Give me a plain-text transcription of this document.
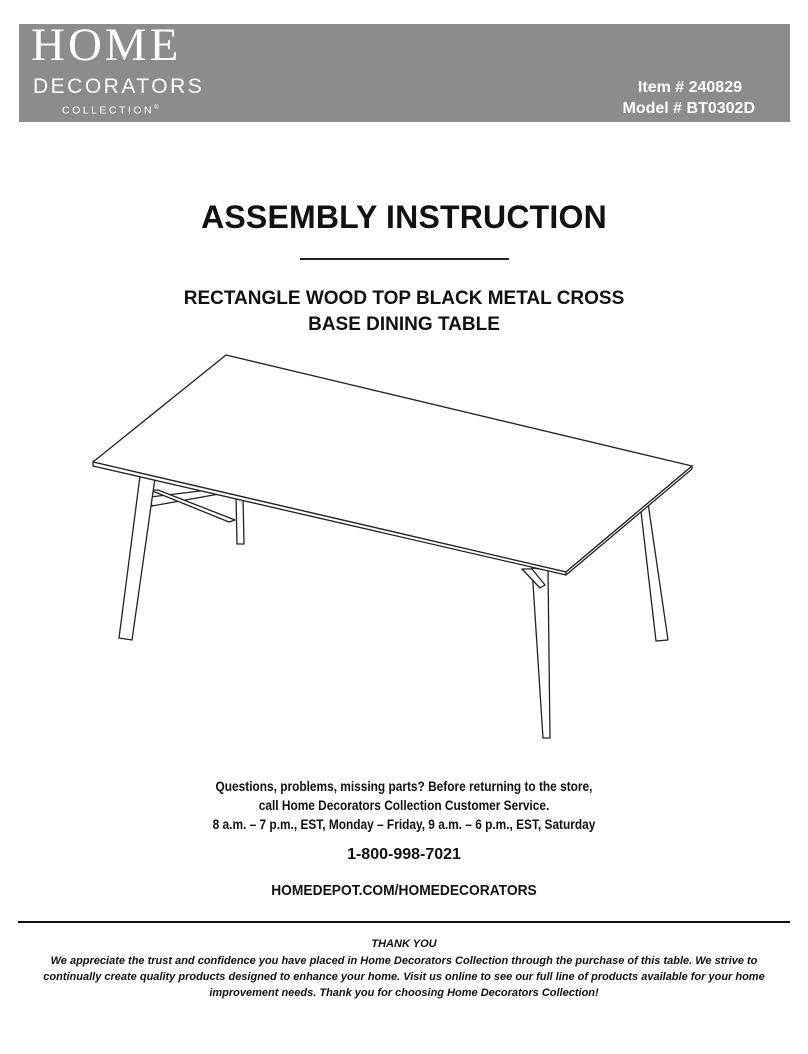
HOME
DECORATORS
COLLECTION®
Item # 240829
Model # BT0302D
ASSEMBLY INSTRUCTION
RECTANGLE WOOD TOP BLACK METAL CROSS
BASE DINING TABLE
Questions, problems, missing parts? Before returning to the store,
call Home Decorators Collection Customer Service.
8 a.m. – 7 p.m., EST, Monday – Friday, 9 a.m. – 6 p.m., EST, Saturday
1-800-998-7021
HOMEDEPOT.COM/HOMEDECORATORS
THANK YOU
We appreciate the trust and confidence you have placed in Home Decorators Collection through the purchase of this table. We strive to continually create quality products designed to enhance your home. Visit us online to see our full line of products available for your home improvement needs. Thank you for choosing Home Decorators Collection!
